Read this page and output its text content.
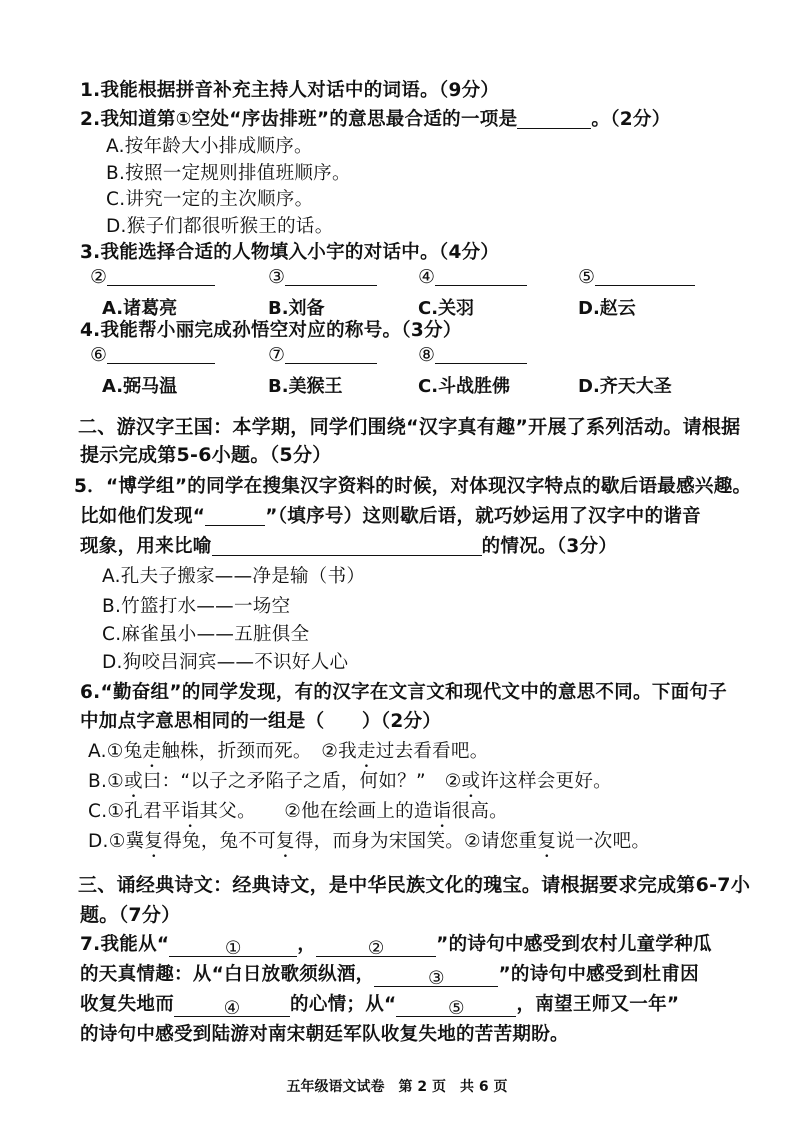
1.我能根据拼音补充主持人对话中的词语。（9分）
2.我知道第①空处“序齿排班”的意思最合适的一项是	。（2分）
A.按年龄大小排成顺序。
B.按照一定规则排值班顺序。
C.讲究一定的主次顺序。
D.猴子们都很听猴王的话。
3.我能选择合适的人物填入小宇的对话中。（4分）
②	③	④	⑤
A.诸葛亮	B.刘备	C.关羽	D.赵云
4.我能帮小丽完成孙悟空对应的称号。（3分）
⑥	⑦	⑧
A.弼马温	B.美猴王	C.斗战胜佛	D.齐天大圣
二、游汉字王国：本学期，同学们围绕“汉字真有趣”开展了系列活动。请根据
提示完成第5-6小题。（5分）
5．“博学组”的同学在搜集汉字资料的时候，对体现汉字特点的歇后语最感兴趣。
比如他们发现“	”（填序号）这则歇后语，就巧妙运用了汉字中的谐音
现象，用来比喻	的情况。（3分）
A.孔夫子搬家——净是输（书）
B.竹篮打水——一场空
C.麻雀虽小——五脏俱全
D.狗咬吕洞宾——不识好人心
6.“勤奋组”的同学发现，有的汉字在文言文和现代文中的意思不同。下面句子
中加点字意思相同的一组是（　　）（2分）
A.①兔走触株，折颈而死。　②我走过去看看吧。
B.①或曰：“以子之矛陷子之盾，何如？”　②或许这样会更好。
C.①孔君平诣其父。　　②他在绘画上的造诣很高。
D.①冀复得兔，兔不可复得，而身为宋国笑。②请您重复说一次吧。
三、诵经典诗文：经典诗文，是中华民族文化的瑰宝。请根据要求完成第6-7小
题。（7分）
7.我能从“	①	，	②	”的诗句中感受到农村儿童学种瓜
的天真情趣：从“白日放歌须纵酒，	③	”的诗句中感受到杜甫因
收复失地而	④	的心情；从“	⑤	，南望王师又一年”
的诗句中感受到陆游对南宋朝廷军队收复失地的苦苦期盼。
五年级语文试卷　第 2 页　共 6 页
